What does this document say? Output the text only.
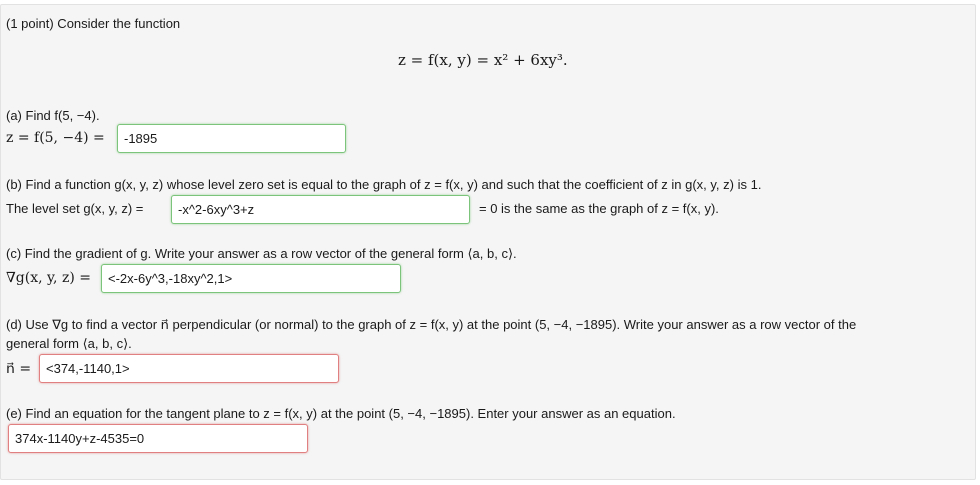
(1 point) Consider the function
z = f(x, y) = x² + 6xy³.
(a) Find f(5, −4).
z = f(5, −4) =	-1895
(b) Find a function g(x, y, z) whose level zero set is equal to the graph of z = f(x, y) and such that the coefficient of z in g(x, y, z) is 1.
The level set g(x, y, z) =	-x^2-6xy^3+z	= 0 is the same as the graph of z = f(x, y).
(c) Find the gradient of g. Write your answer as a row vector of the general form ⟨a, b, c⟩.
∇g(x, y, z) =	<-2x-6y^3,-18xy^2,1>
(d) Use ∇g to find a vector n⃗ perpendicular (or normal) to the graph of z = f(x, y) at the point (5, −4, −1895). Write your answer as a row vector of the
general form ⟨a, b, c⟩.
n⃗ =	<374,-1140,1>
(e) Find an equation for the tangent plane to z = f(x, y) at the point (5, −4, −1895). Enter your answer as an equation.
374x-1140y+z-4535=0
